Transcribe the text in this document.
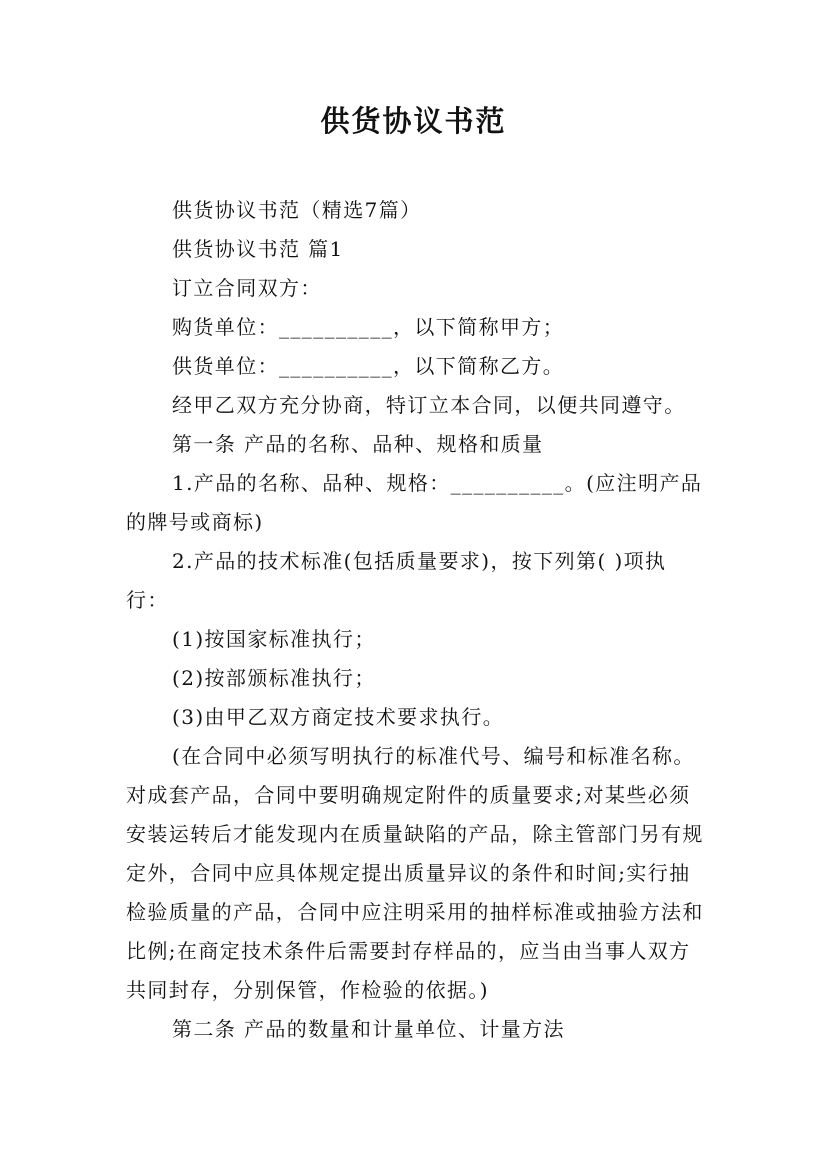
供货协议书范

供货协议书范（精选7篇）

供货协议书范 篇1

订立合同双方：

购货单位：__________，以下简称甲方；

供货单位：__________，以下简称乙方。

经甲乙双方充分协商，特订立本合同，以便共同遵守。

第一条 产品的名称、品种、规格和质量

1.产品的名称、品种、规格：__________。(应注明产品的牌号或商标)

2.产品的技术标准(包括质量要求)，按下列第( )项执行：

(1)按国家标准执行；

(2)按部颁标准执行；

(3)由甲乙双方商定技术要求执行。

(在合同中必须写明执行的标准代号、编号和标准名称。对成套产品，合同中要明确规定附件的质量要求;对某些必须安装运转后才能发现内在质量缺陷的产品，除主管部门另有规定外，合同中应具体规定提出质量异议的条件和时间;实行抽 检验质量的产品，合同中应注明采用的抽样标准或抽验方法和比例;在商定技术条件后需要封存样品的，应当由当事人双方共同封存，分别保管，作检验的依据。)

第二条 产品的数量和计量单位、计量方法
